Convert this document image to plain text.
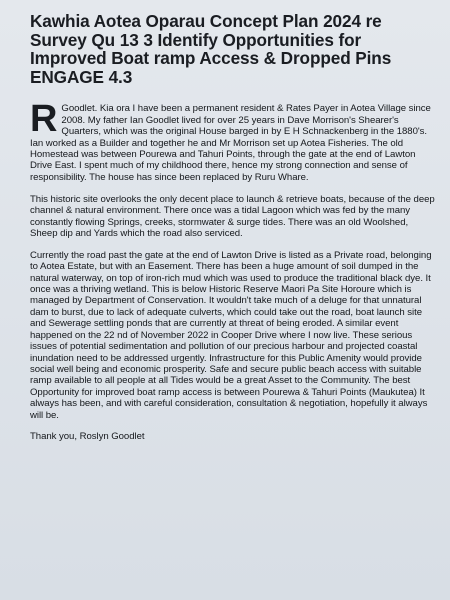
Kawhia Aotea Oparau Concept Plan 2024 re Survey Qu 13 3 Identify Opportunities for Improved Boat ramp Access & Dropped Pins ENGAGE 4.3

R Goodlet. Kia ora I have been a permanent resident & Rates Payer in Aotea Village since 2008. My father Ian Goodlet lived for over 25 years in Dave Morrison's Shearer's Quarters, which was the original House barged in by E H Schnackenberg in the 1880's. Ian worked as a Builder and together he and Mr Morrison set up Aotea Fisheries. The old Homestead was between Pourewa and Tahuri Points, through the gate at the end of Lawton Drive East. I spent much of my childhood there, hence my strong connection and sense of responsibility. The house has since been replaced by Ruru Whare.

This historic site overlooks the only decent place to launch & retrieve boats, because of the deep channel & natural environment. There once was a tidal Lagoon which was fed by the many constantly flowing Springs, creeks, stormwater & surge tides. There was an old Woolshed, Sheep dip and Yards which the road also serviced.

Currently the road past the gate at the end of Lawton Drive is listed as a Private road, belonging to Aotea Estate, but with an Easement. There has been a huge amount of soil dumped in the natural waterway, on top of iron-rich mud which was used to produce the traditional black dye. It once was a thriving wetland. This is below Historic Reserve Maori Pa Site Horoure which is managed by Department of Conservation. It wouldn't take much of a deluge for that unnatural dam to burst, due to lack of adequate culverts, which could take out the road, boat launch site and Sewerage settling ponds that are currently at threat of being eroded. A similar event happened on the 22 nd of November 2022 in Cooper Drive where I now live. These serious issues of potential sedimentation and pollution of our precious harbour and projected coastal inundation need to be addressed urgently. Infrastructure for this Public Amenity would provide social well being and economic prosperity. Safe and secure public beach access with suitable ramp available to all people at all Tides would be a great Asset to the Community. The best Opportunity for improved boat ramp access is between Pourewa & Tahuri Points (Maukutea) It always has been, and with careful consideration, consultation & negotiation, hopefully it always will be.

Thank you, Roslyn Goodlet
